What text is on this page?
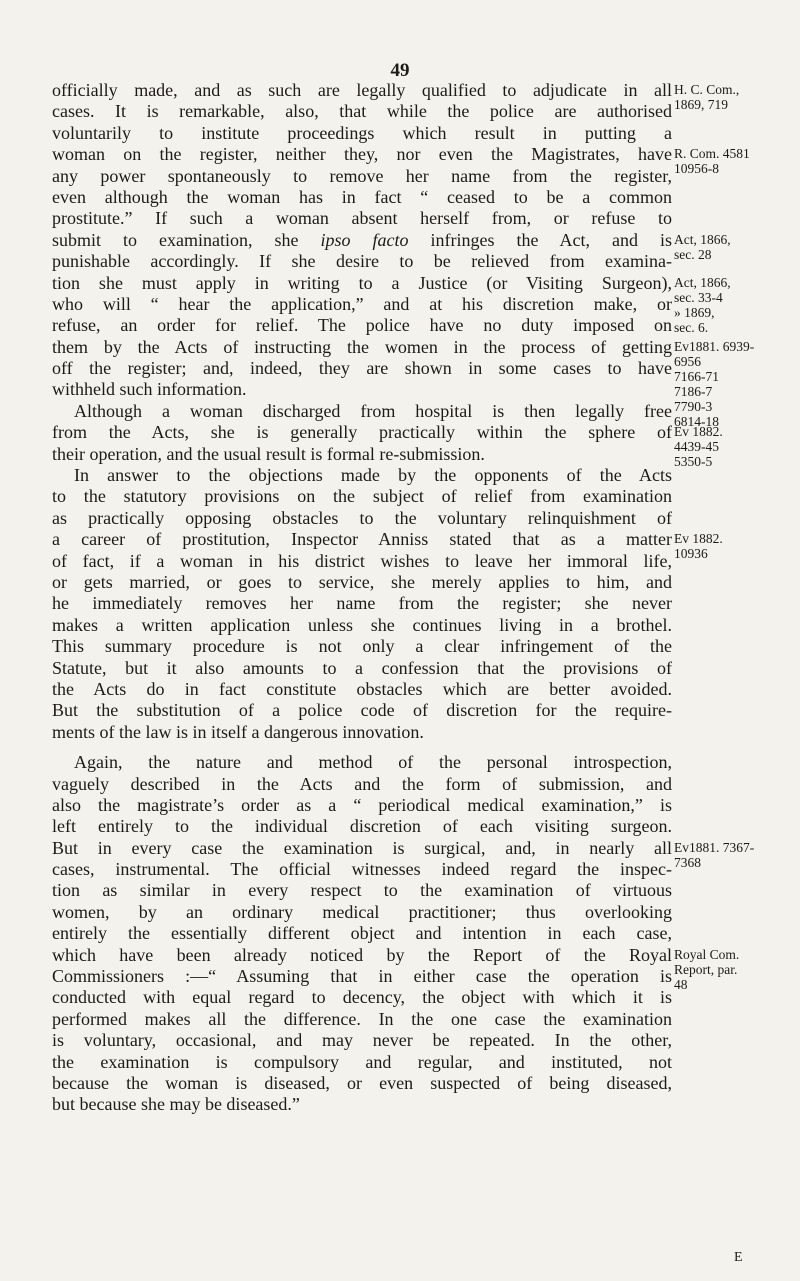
49
officially made, and as such are legally qualified to adjudicate in all
cases. It is remarkable, also, that while the police are authorised
voluntarily to institute proceedings which result in putting a
woman on the register, neither they, nor even the Magistrates, have
any power spontaneously to remove her name from the register,
even although the woman has in fact “ ceased to be a common
prostitute.” If such a woman absent herself from, or refuse to
submit to examination, she ipso facto infringes the Act, and is
punishable accordingly. If she desire to be relieved from examina-
tion she must apply in writing to a Justice (or Visiting Surgeon),
who will “ hear the application,” and at his discretion make, or
refuse, an order for relief. The police have no duty imposed on
them by the Acts of instructing the women in the process of getting
off the register; and, indeed, they are shown in some cases to have
withheld such information.
Although a woman discharged from hospital is then legally free
from the Acts, she is generally practically within the sphere of
their operation, and the usual result is formal re-submission.
In answer to the objections made by the opponents of the Acts
to the statutory provisions on the subject of relief from examination
as practically opposing obstacles to the voluntary relinquishment of
a career of prostitution, Inspector Anniss stated that as a matter
of fact, if a woman in his district wishes to leave her immoral life,
or gets married, or goes to service, she merely applies to him, and
he immediately removes her name from the register; she never
makes a written application unless she continues living in a brothel.
This summary procedure is not only a clear infringement of the
Statute, but it also amounts to a confession that the provisions of
the Acts do in fact constitute obstacles which are better avoided.
But the substitution of a police code of discretion for the require-
ments of the law is in itself a dangerous innovation.
Again, the nature and method of the personal introspection,
vaguely described in the Acts and the form of submission, and
also the magistrate’s order as a “ periodical medical examination,” is
left entirely to the individual discretion of each visiting surgeon.
But in every case the examination is surgical, and, in nearly all
cases, instrumental. The official witnesses indeed regard the inspec-
tion as similar in every respect to the examination of virtuous
women, by an ordinary medical practitioner; thus overlooking
entirely the essentially different object and intention in each case,
which have been already noticed by the Report of the Royal
Commissioners :—“ Assuming that in either case the operation is
conducted with equal regard to decency, the object with which it is
performed makes all the difference. In the one case the examination
is voluntary, occasional, and may never be repeated. In the other,
the examination is compulsory and regular, and instituted, not
because the woman is diseased, or even suspected of being diseased,
but because she may be diseased.”
H. C. Com.,
1869, 719
R. Com. 4581
10956-8
Act, 1866,
sec. 28
Act, 1866,
sec. 33-4
» 1869,
sec. 6.
Ev1881. 6939-
6956
7166-71
7186-7
7790-3
6814-18
Ev 1882.
4439-45
5350-5
Ev 1882.
10936
Ev1881. 7367-
7368
Royal Com.
Report, par.
48
E
